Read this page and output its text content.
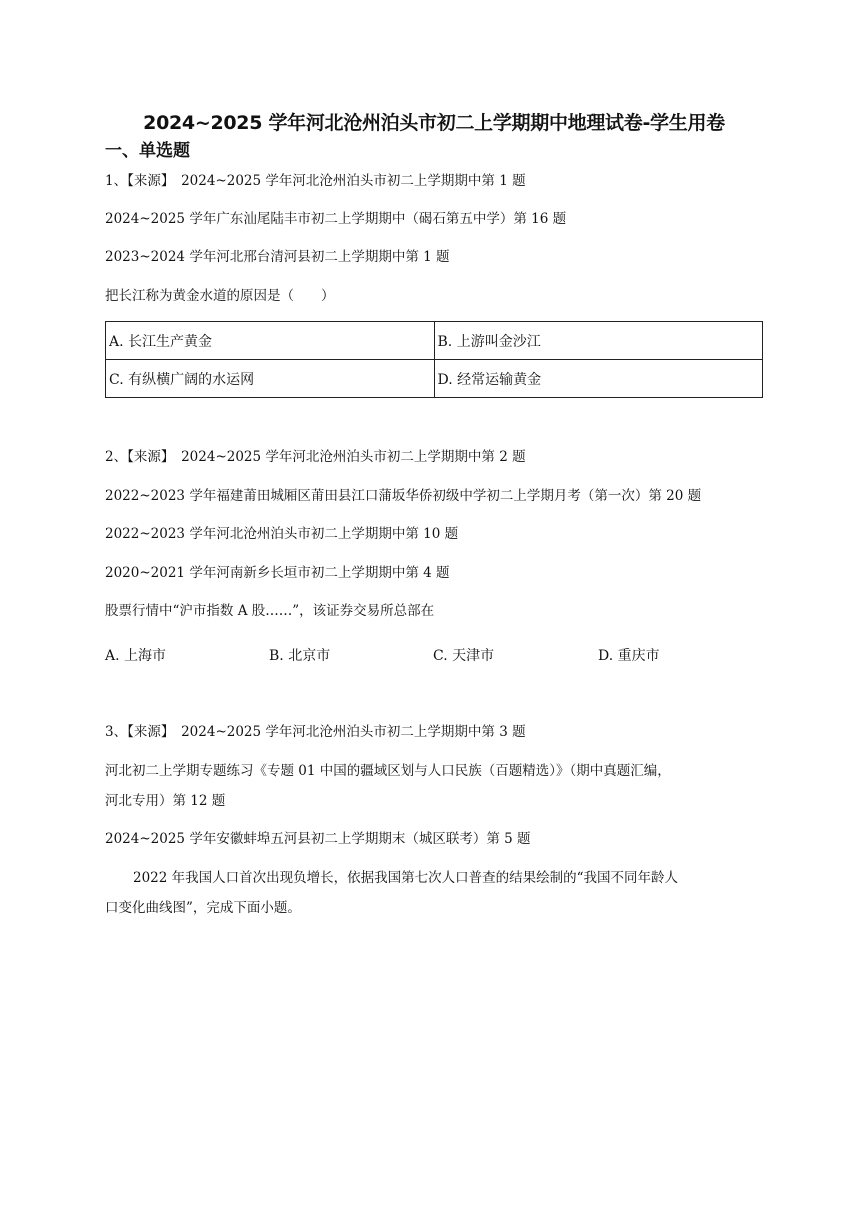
2024~2025 学年河北沧州泊头市初二上学期期中地理试卷-学生用卷
一、单选题
1、【来源】　2024~2025 学年河北沧州泊头市初二上学期期中第 1 题
2024~2025 学年广东汕尾陆丰市初二上学期期中（碣石第五中学）第 16 题
2023~2024 学年河北邢台清河县初二上学期期中第 1 题
把长江称为黄金水道的原因是（　　）
A. 长江生产黄金	B. 上游叫金沙江
C. 有纵横广阔的水运网	D. 经常运输黄金
2、【来源】　2024~2025 学年河北沧州泊头市初二上学期期中第 2 题
2022~2023 学年福建莆田城厢区莆田县江口蒲坂华侨初级中学初二上学期月考（第一次）第 20 题
2022~2023 学年河北沧州泊头市初二上学期期中第 10 题
2020~2021 学年河南新乡长垣市初二上学期期中第 4 题
股票行情中“沪市指数 A 股……”，该证券交易所总部在
A. 上海市	B. 北京市	C. 天津市	D. 重庆市
3、【来源】　2024~2025 学年河北沧州泊头市初二上学期期中第 3 题
河北初二上学期专题练习《专题 01 中国的疆域区划与人口民族（百题精选）》（期中真题汇编，
河北专用）第 12 题
2024~2025 学年安徽蚌埠五河县初二上学期期末（城区联考）第 5 题
2022 年我国人口首次出现负增长，依据我国第七次人口普查的结果绘制的“我国不同年龄人
口变化曲线图”，完成下面小题。
